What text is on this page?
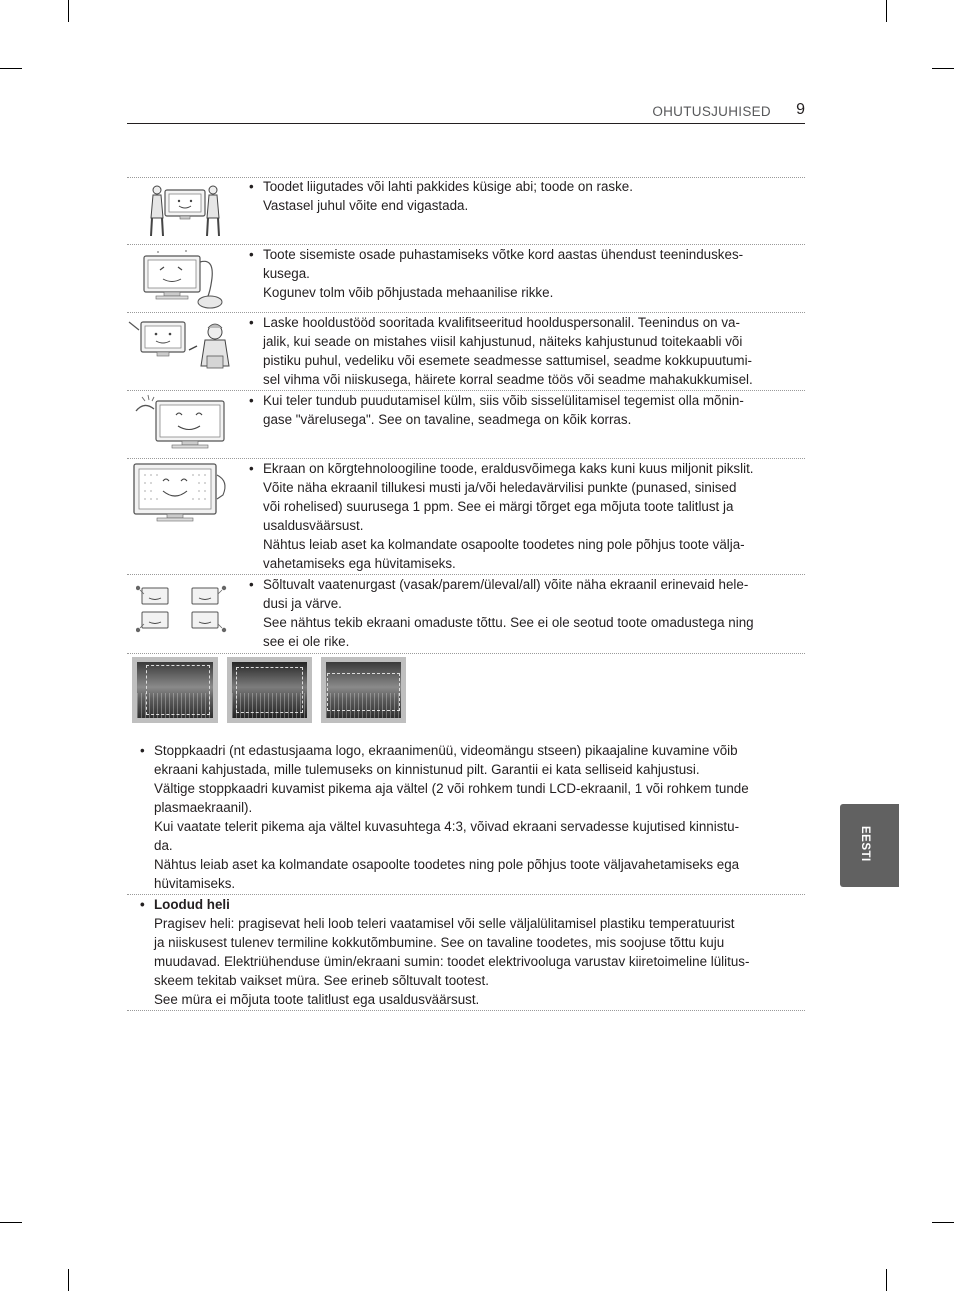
OHUTUSJUHISED 9
• Toodet liigutades või lahti pakkides küsige abi; toode on raske.
Vastasel juhul võite end vigastada.
• Toote sisemiste osade puhastamiseks võtke kord aastas ühendust teeninduskes-
kusega.
Kogunev tolm võib põhjustada mehaanilise rikke.
• Laske hooldustööd sooritada kvalifitseeritud hoolduspersonalil. Teenindus on va-
jalik, kui seade on mistahes viisil kahjustunud, näiteks kahjustunud toitekaabli või
pistiku puhul, vedeliku või esemete seadmesse sattumisel, seadme kokkupuutumi-
sel vihma või niiskusega, häirete korral seadme töös või seadme mahakukkumisel.
• Kui teler tundub puudutamisel külm, siis võib sisselülitamisel tegemist olla mõnin-
gase "värelusega". See on tavaline, seadmega on kõik korras.
• Ekraan on kõrgtehnoloogiline toode, eraldusvõimega kaks kuni kuus miljonit pikslit.
Võite näha ekraanil tillukesi musti ja/või heledavärvilisi punkte (punased, sinised
või rohelised) suurusega 1 ppm. See ei märgi tõrget ega mõjuta toote talitlust ja
usaldusväärsust.
Nähtus leiab aset ka kolmandate osapoolte toodetes ning pole põhjus toote välja-
vahetamiseks ega hüvitamiseks.
• Sõltuvalt vaatenurgast (vasak/parem/üleval/all) võite näha ekraanil erinevaid hele-
dusi ja värve.
See nähtus tekib ekraani omaduste tõttu. See ei ole seotud toote omadustega ning
see ei ole rike.
• Stoppkaadri (nt edastusjaama logo, ekraanimenüü, videomängu stseen) pikaajaline kuvamine võib
ekraani kahjustada, mille tulemuseks on kinnistunud pilt. Garantii ei kata selliseid kahjustusi.
Vältige stoppkaadri kuvamist pikema aja vältel (2 või rohkem tundi LCD-ekraanil, 1 või rohkem tunde
plasmaekraanil).
Kui vaatate telerit pikema aja vältel kuvasuhtega 4:3, võivad ekraani servadesse kujutised kinnistu-
da.
Nähtus leiab aset ka kolmandate osapoolte toodetes ning pole põhjus toote väljavahetamiseks ega
hüvitamiseks.
• Loodud heli
Pragisev heli: pragisevat heli loob teleri vaatamisel või selle väljalülitamisel plastiku temperatuurist
ja niiskusest tulenev termiline kokkutõmbumine. See on tavaline toodetes, mis soojuse tõttu kuju
muudavad. Elektriühenduse ümin/ekraani sumin: toodet elektrivooluga varustav kiiretoimeline lülitus-
skeem tekitab vaikset müra. See erineb sõltuvalt tootest.
See müra ei mõjuta toote talitlust ega usaldusväärsust.
EESTI
